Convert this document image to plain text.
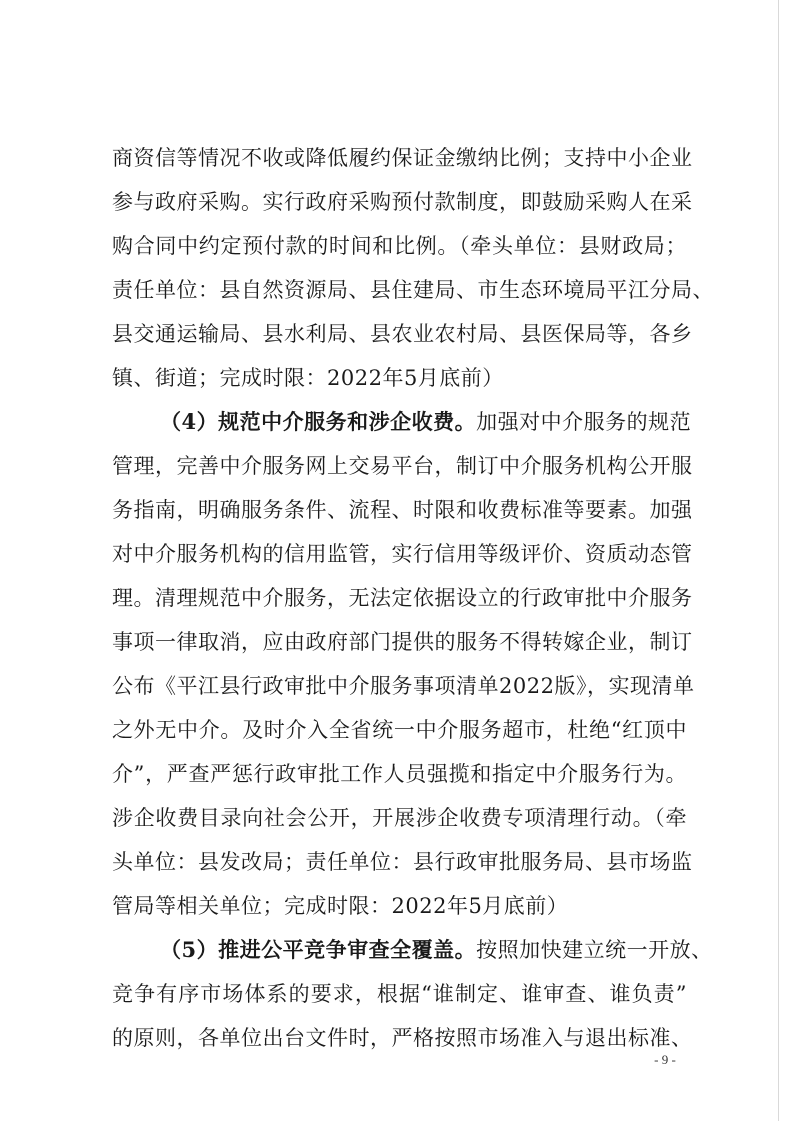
商资信等情况不收或降低履约保证金缴纳比例；支持中小企业
参与政府采购。实行政府采购预付款制度，即鼓励采购人在采
购合同中约定预付款的时间和比例。（牵头单位：县财政局；
责任单位：县自然资源局、县住建局、市生态环境局平江分局、
县交通运输局、县水利局、县农业农村局、县医保局等，各乡
镇、街道；完成时限：2022年5月底前）
（4）规范中介服务和涉企收费。加强对中介服务的规范
管理，完善中介服务网上交易平台，制订中介服务机构公开服
务指南，明确服务条件、流程、时限和收费标准等要素。加强
对中介服务机构的信用监管，实行信用等级评价、资质动态管
理。清理规范中介服务，无法定依据设立的行政审批中介服务
事项一律取消，应由政府部门提供的服务不得转嫁企业，制订
公布《平江县行政审批中介服务事项清单2022版》，实现清单
之外无中介。及时介入全省统一中介服务超市，杜绝“红顶中
介”，严查严惩行政审批工作人员强揽和指定中介服务行为。
涉企收费目录向社会公开，开展涉企收费专项清理行动。（牵
头单位：县发改局；责任单位：县行政审批服务局、县市场监
管局等相关单位；完成时限：2022年5月底前）
（5）推进公平竞争审查全覆盖。按照加快建立统一开放、
竞争有序市场体系的要求，根据“谁制定、谁审查、谁负责”
的原则，各单位出台文件时，严格按照市场准入与退出标准、
- 9 -
